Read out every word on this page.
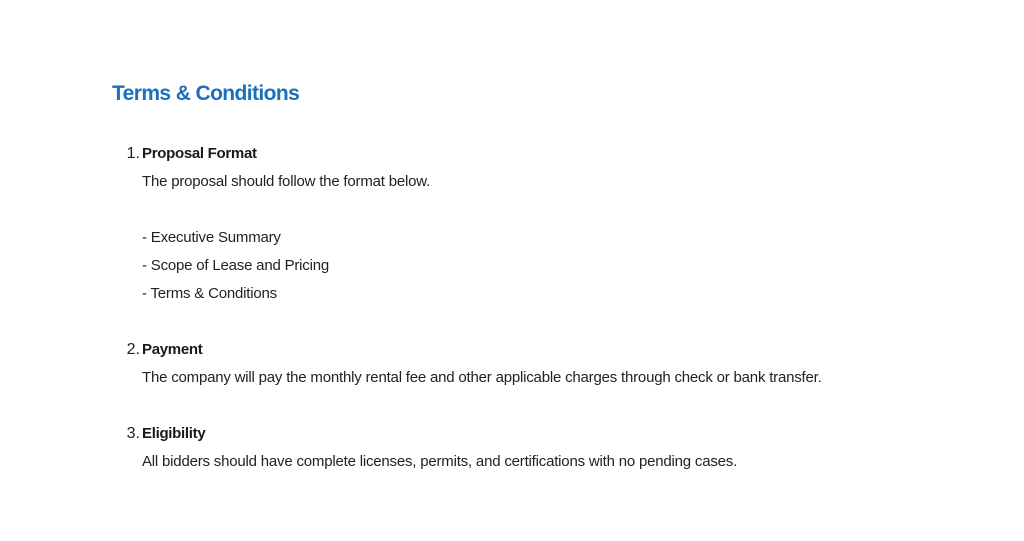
Terms & Conditions
1. Proposal Format
The proposal should follow the format below.
- Executive Summary
- Scope of Lease and Pricing
- Terms & Conditions
2. Payment
The company will pay the monthly rental fee and other applicable charges through check or bank transfer.
3. Eligibility
All bidders should have complete licenses, permits, and certifications with no pending cases.
